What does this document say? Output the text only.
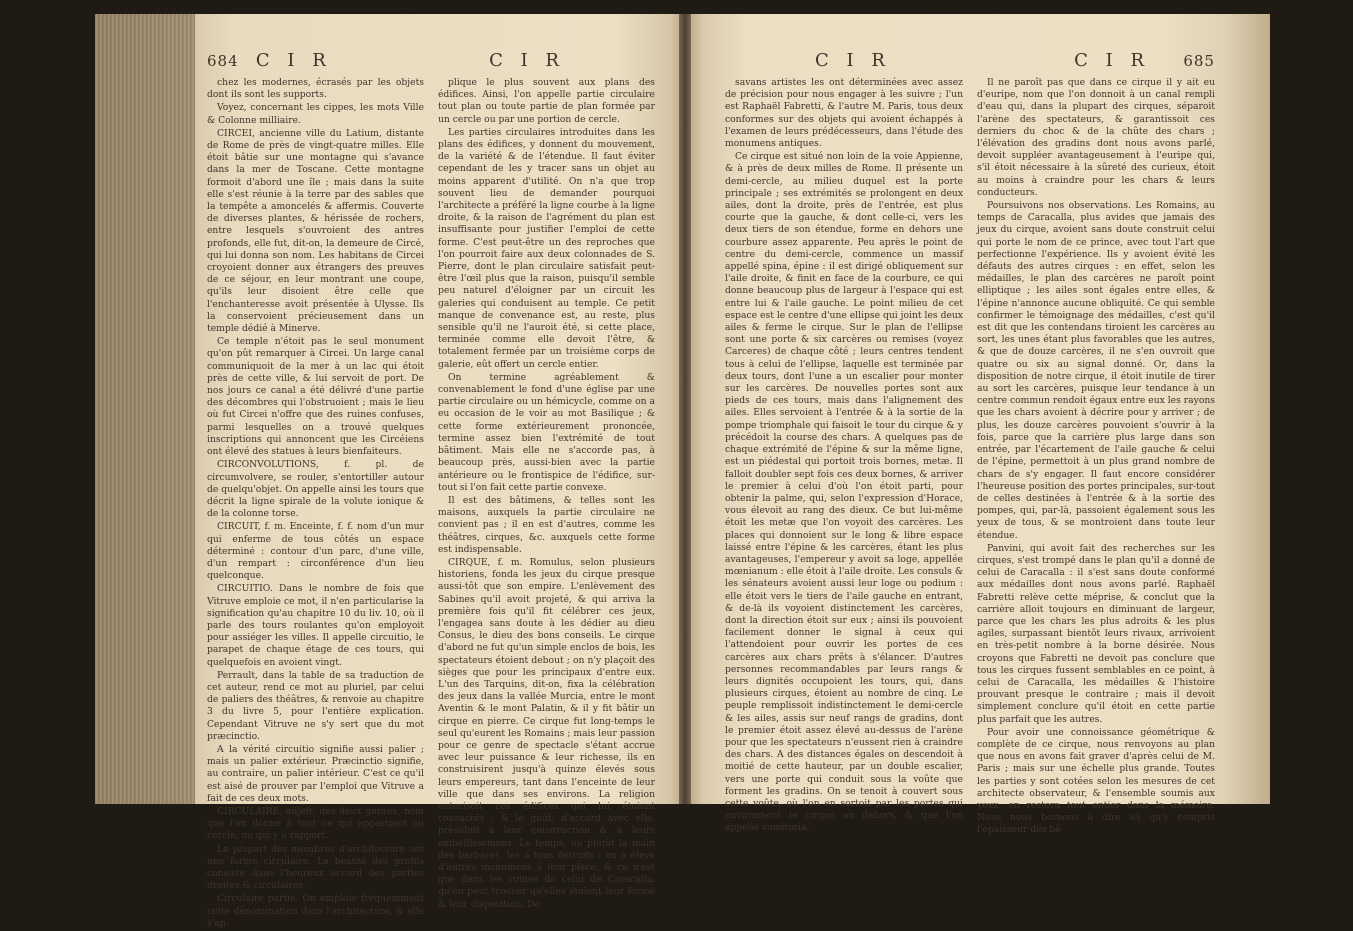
684 C I R	C I R

chez les modernes, écrasés par les objets dont ils sont les supports.

Voyez, concernant les cippes, les mots Ville & Colonne milliaire.

CIRCEI, ancienne ville du Latium, distante de Rome de près de vingt-quatre milles. Elle étoit bâtie sur une montagne qui s'avance dans la mer de Toscane. Cette montagne formoit d'abord une île ; mais dans la suite elle s'est réunie à la terre par des sables que la tempête a amoncelés & affermis. Couverte de diverses plantes, & hérissée de rochers, entre lesquels s'ouvroient des antres profonds, elle fut, dit-on, la demeure de Circé, qui lui donna son nom. Les habitans de Circei croyoient donner aux étrangers des preuves de ce séjour, en leur montrant une coupe, qu'ils leur disoient être celle que l'enchanteresse avoit présentée à Ulysse. Ils la conservoient précieusement dans un temple dédié à Minerve.

Ce temple n'étoit pas le seul monument qu'on pût remarquer à Circei. Un large canal communiquoit de la mer à un lac qui étoit près de cette ville, & lui servoit de port. De nos jours ce canal a été délivré d'une partie des décombres qui l'obstruoient ; mais le lieu où fut Circei n'offre que des ruines confuses, parmi lesquelles on a trouvé quelques inscriptions qui annoncent que les Circéiens ont élevé des statues à leurs bienfaiteurs.

CIRCONVOLUTIONS, f. pl. de circumvolvere, se rouler, s'entortiller autour de quelqu'objet. On appelle ainsi les tours que décrit la ligne spirale de la volute ionique & de la colonne torse.

CIRCUIT, f. m. Enceinte, f. f. nom d'un mur qui enferme de tous côtés un espace déterminé : contour d'un parc, d'une ville, d'un rempart : circonférence d'un lieu quelconque.

CIRCUITIO. Dans le nombre de fois que Vitruve emploie ce mot, il n'en particularise la signification qu'au chapitre 10 du liv. 10, où il parle des tours roulantes qu'on employoit pour assiéger les villes. Il appelle circuitio, le parapet de chaque étage de ces tours, qui quelquefois en avoient vingt.

Perrault, dans la table de sa traduction de cet auteur, rend ce mot au pluriel, par celui de paliers des théâtres, & renvoie au chapitre 3 du livre 5, pour l'entière explication. Cependant Vitruve ne s'y sert que du mot præcinctio.

A la vérité circuitio signifie aussi palier ; mais un palier extérieur. Præcinctio signifie, au contraire, un palier intérieur. C'est ce qu'il est aisé de prouver par l'emploi que Vitruve a fait de ces deux mots.

CIRCULAIRE, adjeft. des deux genres, nom que l'on donne à tout ce qui appartient au cercle, ou qui y a rapport.

La plupart des membres d'architecture ont une forme circulaire. La beauté des profils consiste dans l'heureux accord des parties droites & circulaires.

Circulaire partie. On emploie fréquemment cette dénomination dans l'architecture, & elle s'ap-

plique le plus souvent aux plans des édifices. Ainsi, l'on appelle partie circulaire tout plan ou toute partie de plan formée par un cercle ou par une portion de cercle.

Les parties circulaires introduites dans les plans des édifices, y donnent du mouvement, de la variété & de l'étendue. Il faut éviter cependant de les y tracer sans un objet au moins apparent d'utilité. On n'a que trop souvent lieu de demander pourquoi l'architecte a préféré la ligne courbe à la ligne droite, & la raison de l'agrément du plan est insuffisante pour justifier l'emploi de cette forme. C'est peut-être un des reproches que l'on pourroit faire aux deux colonnades de S. Pierre, dont le plan circulaire satisfait peut-être l'œil plus que la raison, puisqu'il semble peu naturel d'éloigner par un circuit les galeries qui conduisent au temple. Ce petit manque de convenance est, au reste, plus sensible qu'il ne l'auroit été, si cette place, terminée comme elle devoit l'être, & totalement fermée par un troisième corps de galerie, eût offert un cercle entier.

On termine agréablement & convenablement le fond d'une église par une partie circulaire ou un hémicycle, comme on a eu occasion de le voir au mot Basilique ; & cette forme extérieurement prononcée, termine assez bien l'extrémité de tout bâtiment. Mais elle ne s'accorde pas, à beaucoup près, aussi-bien avec la partie antérieure ou le frontispice de l'édifice, sur-tout si l'on fait cette partie convexe.

Il est des bâtimens, & telles sont les maisons, auxquels la partie circulaire ne convient pas ; il en est d'autres, comme les théâtres, cirques, &c. auxquels cette forme est indispensable.

CIRQUE, f. m. Romulus, selon plusieurs historiens, fonda les jeux du cirque presque aussi-tôt que son empire. L'enlèvement des Sabines qu'il avoit projeté, & qui arriva la première fois qu'il fit célébrer ces jeux, l'engagea sans doute à les dédier au dieu Consus, le dieu des bons conseils. Le cirque d'abord ne fut qu'un simple enclos de bois, les spectateurs étoient debout ; on n'y plaçoit des sièges que pour les principaux d'entre eux. L'un des Tarquins, dit-on, fixa la célébration des jeux dans la vallée Murcia, entre le mont Aventin & le mont Palatin, & il y fit bâtir un cirque en pierre. Ce cirque fut long-temps le seul qu'eurent les Romains ; mais leur passion pour ce genre de spectacle s'étant accrue avec leur puissance & leur richesse, ils en construisirent jusqu'à quinze élevés sous leurs empereurs, tant dans l'enceinte de leur ville que dans ses environs. La religion autorisoit ces édifices qui lui étoient consacrés ; & le goût, d'accord avec elle, présidoit à leur construction & à leurs embellissemens. Le temps, ou plutôt la main des barbares, les a tous détruits : on a élevé d'autres monumens à leur place, & ce n'est que dans les ruines de celui de Caracalla, qu'on peut trouver qu'elles étoient leur forme & leur disposition. De

C I R	C I R 685

savans artistes les ont déterminées avec assez de précision pour nous engager à les suivre ; l'un est Raphaël Fabretti, & l'autre M. Paris, tous deux conformes sur des objets qui avoient échappés à l'examen de leurs prédécesseurs, dans l'étude des monumens antiques.

Ce cirque est situé non loin de la voie Appienne, & à près de deux milles de Rome. Il présente un demi-cercle, au milieu duquel est la porte principale ; ses extrémités se prolongent en deux ailes, dont la droite, près de l'entrée, est plus courte que la gauche, & dont celle-ci, vers les deux tiers de son étendue, forme en dehors une courbure assez apparente. Peu après le point de centre du demi-cercle, commence un massif appellé spina, épine : il est dirigé obliquement sur l'aile droite, & finit en face de la courbure, ce qui donne beaucoup plus de largeur à l'espace qui est entre lui & l'aile gauche. Le point milieu de cet espace est le centre d'une ellipse qui joint les deux ailes & ferme le cirque. Sur le plan de l'ellipse sont une porte & six carcères ou remises (voyez Carceres) de chaque côté ; leurs centres tendent tous à celui de l'ellipse, laquelle est terminée par deux tours, dont l'une a un escalier pour monter sur les carcères. De nouvelles portes sont aux pieds de ces tours, mais dans l'alignement des ailes. Elles servoient à l'entrée & à la sortie de la pompe triomphale qui faisoit le tour du cirque & y précédoit la course des chars. A quelques pas de chaque extrémité de l'épine & sur la même ligne, est un piédestal qui portoit trois bornes, metæ. Il falloit doubler sept fois ces deux bornes, & arriver le premier à celui d'où l'on étoit parti, pour obtenir la palme, qui, selon l'expression d'Horace, vous élevoit au rang des dieux. Ce but lui-même étoit les metæ que l'on voyoit des carcères. Les places qui donnoient sur le long & libre espace laissé entre l'épine & les carcères, étant les plus avantageuses, l'empereur y avoit sa loge, appellée mœnianum : elle étoit à l'aile droite. Les consuls & les sénateurs avoient aussi leur loge ou podium : elle étoit vers le tiers de l'aile gauche en entrant, & de-là ils voyoient distinctement les carcères, dont la direction étoit sur eux ; ainsi ils pouvoient facilement donner le signal à ceux qui l'attendoient pour ouvrir les portes de ces carcères aux chars prêts à s'élancer. D'autres personnes recommandables par leurs rangs & leurs dignités occupoient les tours, qui, dans plusieurs cirques, étoient au nombre de cinq. Le peuple remplissoit indistinctement le demi-cercle & les ailes, assis sur neuf rangs de gradins, dont le premier étoit assez élevé au-dessus de l'arène pour que les spectateurs n'eussent rien à craindre des chars. A des distances égales on descendoit à moitié de cette hauteur, par un double escalier, vers une porte qui conduit sous la voûte que forment les gradins. On se tenoit à couvert sous cette voûte, où l'on en sortoit par les portes qui environnent le cirque au dehors, & que l'on appelle vomitoria.

Il ne paroît pas que dans ce cirque il y ait eu d'euripe, nom que l'on donnoit à un canal rempli d'eau qui, dans la plupart des cirques, séparoit l'arène des spectateurs, & garantissoit ces derniers du choc & de la chûte des chars ; l'élévation des gradins dont nous avons parlé, devoit suppléer avantageusement à l'euripe qui, s'il étoit nécessaire à la sûreté des curieux, étoit au moins à craindre pour les chars & leurs conducteurs.

Poursuivons nos observations. Les Romains, au temps de Caracalla, plus avides que jamais des jeux du cirque, avoient sans doute construit celui qui porte le nom de ce prince, avec tout l'art que perfectionne l'expérience. Ils y avoient évité les défauts des autres cirques : en effet, selon les médailles, le plan des carcères ne paroît point elliptique ; les ailes sont égales entre elles, & l'épine n'annonce aucune obliquité. Ce qui semble confirmer le témoignage des médailles, c'est qu'il est dit que les contendans tiroient les carcères au sort, les unes étant plus favorables que les autres, & que de douze carcères, il ne s'en ouvroit que quatre ou six au signal donné. Or, dans la disposition de notre cirque, il étoit inutile de tirer au sort les carcères, puisque leur tendance à un centre commun rendoit égaux entre eux les rayons que les chars avoient à décrire pour y arriver ; de plus, les douze carcères pouvoient s'ouvrir à la fois, parce que la carrière plus large dans son entrée, par l'écartement de l'aile gauche & celui de l'épine, permettoit à un plus grand nombre de chars de s'y engager. Il faut encore considérer l'heureuse position des portes principales, sur-tout de celles destinées à l'entrée & à la sortie des pompes, qui, par-là, passoient également sous les yeux de tous, & se montroient dans toute leur étendue.

Panvini, qui avoit fait des recherches sur les cirques, s'est trompé dans le plan qu'il a donné de celui de Caracalla : il s'est sans doute conformé aux médailles dont nous avons parlé. Raphaël Fabretti relève cette méprise, & conclut que la carrière alloit toujours en diminuant de largeur, parce que les chars les plus adroits & les plus agiles, surpassant bientôt leurs rivaux, arrivoient en très-petit nombre à la borne désirée. Nous croyons que Fabretti ne devoit pas conclure que tous les cirques fussent semblables en ce point, à celui de Caracalla, les médailles & l'histoire prouvant presque le contraire ; mais il devoit simplement conclure qu'il étoit en cette partie plus parfait que les autres.

Pour avoir une connoissance géométrique & complète de ce cirque, nous renvoyons au plan que nous en avons fait graver d'après celui de M. Paris ; mais sur une échelle plus grande. Toutes les parties y sont cotées selon les mesures de cet architecte observateur, & l'ensemble soumis aux yeux, en restera tout entier dans la mémoire. Nous nous bornons à dire ici qu'y compris l'épaisseur des bâ-
